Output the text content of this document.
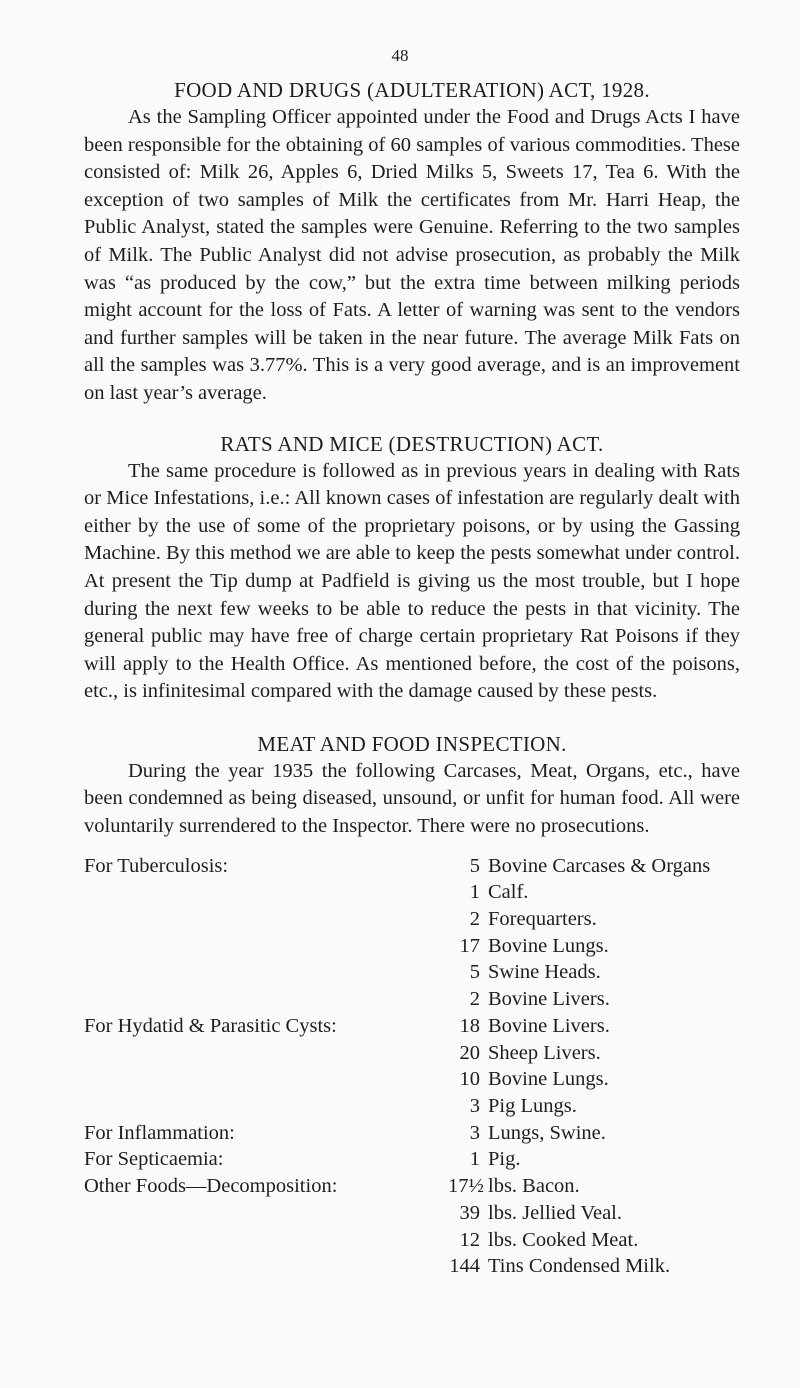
48
FOOD AND DRUGS (ADULTERATION) ACT, 1928.

As the Sampling Officer appointed under the Food and Drugs Acts I have been responsible for the obtaining of 60 samples of various commodities. These consisted of: Milk 26, Apples 6, Dried Milks 5, Sweets 17, Tea 6. With the exception of two samples of Milk the certificates from Mr. Harri Heap, the Public Analyst, stated the samples were Genuine. Referring to the two samples of Milk. The Public Analyst did not advise prosecution, as probably the Milk was “as produced by the cow,” but the extra time between milking periods might account for the loss of Fats. A letter of warning was sent to the vendors and further samples will be taken in the near future. The average Milk Fats on all the samples was 3.77%. This is a very good average, and is an improvement on last year’s average.

RATS AND MICE (DESTRUCTION) ACT.

The same procedure is followed as in previous years in dealing with Rats or Mice Infestations, i.e.: All known cases of infestation are regularly dealt with either by the use of some of the proprietary poisons, or by using the Gassing Machine. By this method we are able to keep the pests somewhat under control. At present the Tip dump at Padfield is giving us the most trouble, but I hope during the next few weeks to be able to reduce the pests in that vicinity. The general public may have free of charge certain proprietary Rat Poisons if they will apply to the Health Office. As mentioned before, the cost of the poisons, etc., is infinitesimal compared with the damage caused by these pests.

MEAT AND FOOD INSPECTION.

During the year 1935 the following Carcases, Meat, Organs, etc., have been condemned as being diseased, unsound, or unfit for human food. All were voluntarily surrendered to the Inspector. There were no prosecutions.

For Tuberculosis:	5 Bovine Carcases & Organs
1 Calf.
2 Forequarters.
17 Bovine Lungs.
5 Swine Heads.
2 Bovine Livers.
For Hydatid & Parasitic Cysts:	18 Bovine Livers.
20 Sheep Livers.
10 Bovine Lungs.
3 Pig Lungs.
For Inflammation:	3 Lungs, Swine.
For Septicaemia:	1 Pig.
Other Foods—Decomposition:	17½ lbs. Bacon.
39 lbs. Jellied Veal.
12 lbs. Cooked Meat.
144 Tins Condensed Milk.
